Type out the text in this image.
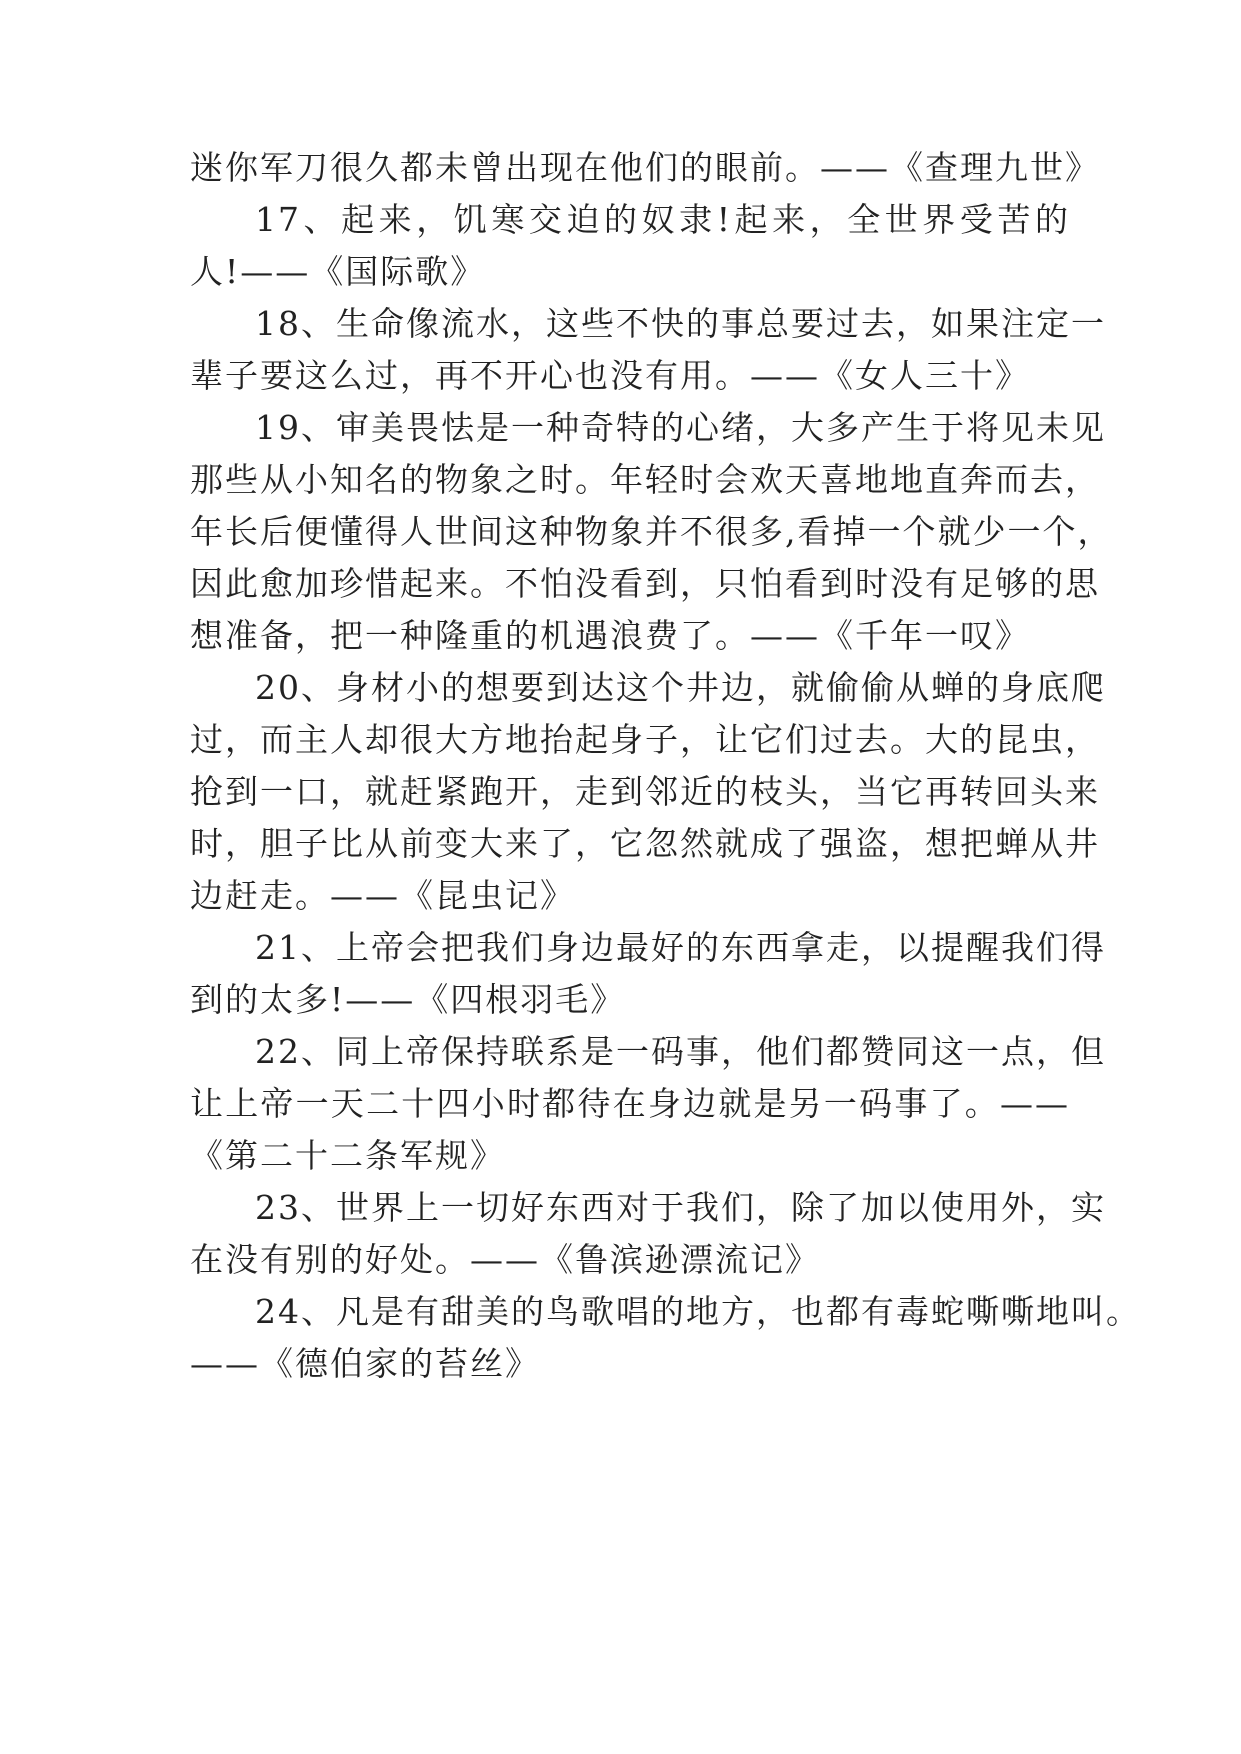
迷你军刀很久都未曾出现在他们的眼前。——《查理九世》
17、起来，饥寒交迫的奴隶!起来，全世界受苦的
人!——《国际歌》
18、生命像流水，这些不快的事总要过去，如果注定一
辈子要这么过，再不开心也没有用。——《女人三十》
19、审美畏怯是一种奇特的心绪，大多产生于将见未见
那些从小知名的物象之时。年轻时会欢天喜地地直奔而去，
年长后便懂得人世间这种物象并不很多,看掉一个就少一个，
因此愈加珍惜起来。不怕没看到，只怕看到时没有足够的思
想准备，把一种隆重的机遇浪费了。——《千年一叹》
20、身材小的想要到达这个井边，就偷偷从蝉的身底爬
过，而主人却很大方地抬起身子，让它们过去。大的昆虫，
抢到一口，就赶紧跑开，走到邻近的枝头，当它再转回头来
时，胆子比从前变大来了，它忽然就成了强盗，想把蝉从井
边赶走。——《昆虫记》
21、上帝会把我们身边最好的东西拿走，以提醒我们得
到的太多!——《四根羽毛》
22、同上帝保持联系是一码事，他们都赞同这一点，但
让上帝一天二十四小时都待在身边就是另一码事了。——
《第二十二条军规》
23、世界上一切好东西对于我们，除了加以使用外，实
在没有别的好处。——《鲁滨逊漂流记》
24、凡是有甜美的鸟歌唱的地方，也都有毒蛇嘶嘶地叫。
——《德伯家的苔丝》
